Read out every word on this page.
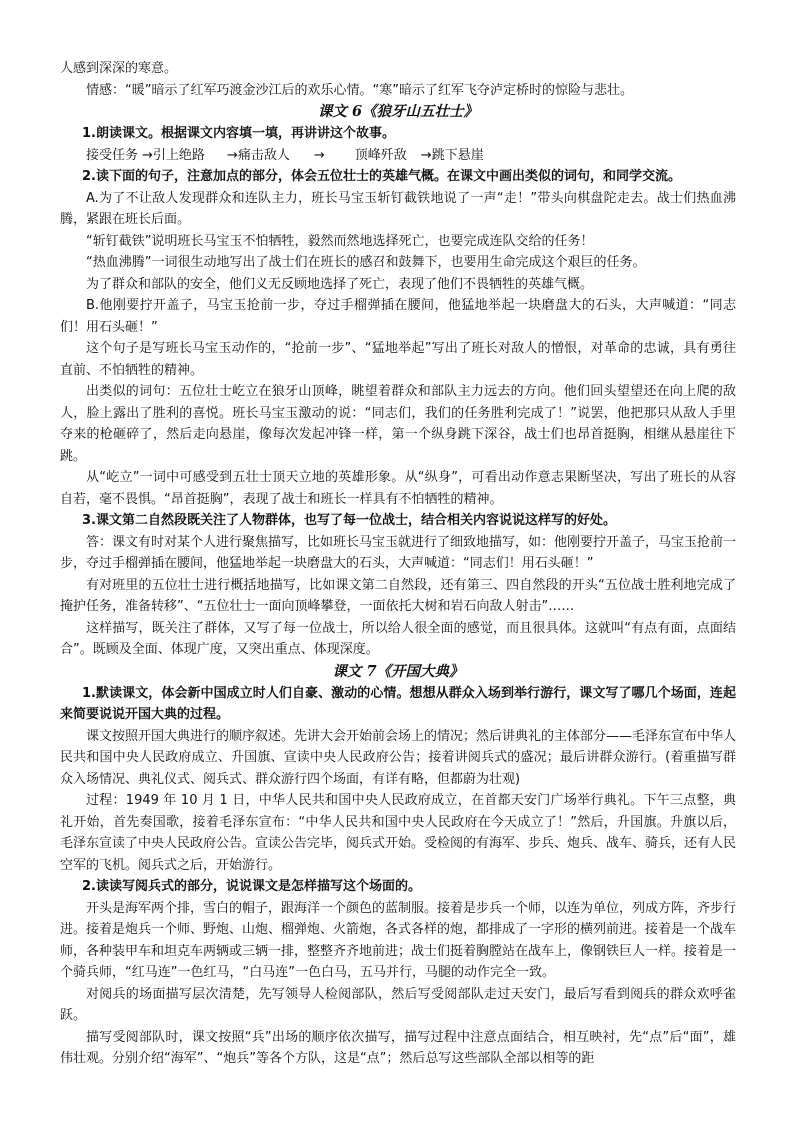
人感到深深的寒意。

情感：“暖”暗示了红军巧渡金沙江后的欢乐心情。“寒”暗示了红军飞夺泸定桥时的惊险与悲壮。

课文 6《狼牙山五壮士》

1.朗读课文。根据课文内容填一填，再讲讲这个故事。

接受任务 →引上绝路 →痛击敌人 → 顶峰歼敌 →跳下悬崖

2.读下面的句子，注意加点的部分，体会五位壮士的英雄气概。在课文中画出类似的词句，和同学交流。

A.为了不让敌人发现群众和连队主力，班长马宝玉斩钉截铁地说了一声“走！”带头向棋盘陀走去。战士们热血沸腾，紧跟在班长后面。

“斩钉截铁”说明班长马宝玉不怕牺牲，毅然而然地选择死亡，也要完成连队交给的任务！

“热血沸腾”一词很生动地写出了战士们在班长的感召和鼓舞下，也要用生命完成这个艰巨的任务。

为了群众和部队的安全，他们义无反顾地选择了死亡，表现了他们不畏牺牲的英雄气概。

B.他刚要拧开盖子，马宝玉抢前一步，夺过手榴弹插在腰间，他猛地举起一块磨盘大的石头，大声喊道：“同志们！用石头砸！”

这个句子是写班长马宝玉动作的，“抢前一步”、“猛地举起”写出了班长对敌人的憎恨，对革命的忠诚，具有勇往直前、不怕牺牲的精神。

出类似的词句：五位壮士屹立在狼牙山顶峰，眺望着群众和部队主力远去的方向。他们回头望望还在向上爬的敌人，脸上露出了胜利的喜悦。班长马宝玉激动的说：“同志们，我们的任务胜利完成了！”说罢，他把那只从敌人手里夺来的枪砸碎了，然后走向悬崖，像每次发起冲锋一样，第一个纵身跳下深谷，战士们也昂首挺胸，相继从悬崖往下跳。

从“屹立”一词中可感受到五壮士顶天立地的英雄形象。从“纵身”，可看出动作意志果断坚决，写出了班长的从容自若，毫不畏惧。“昂首挺胸”，表现了战士和班长一样具有不怕牺牲的精神。

3.课文第二自然段既关注了人物群体，也写了每一位战士，结合相关内容说说这样写的好处。

答：课文有时对某个人进行聚焦描写，比如班长马宝玉就进行了细致地描写，如：他刚要拧开盖子，马宝玉抢前一步，夺过手榴弹插在腰间，他猛地举起一块磨盘大的石头，大声喊道：“同志们！用石头砸！”

有对班里的五位壮士进行概括地描写，比如课文第二自然段，还有第三、四自然段的开头“五位战士胜利地完成了掩护任务，准备转移”、“五位壮士一面向顶峰攀登，一面依托大树和岩石向敌人射击”……

这样描写，既关注了群体，又写了每一位战士，所以给人很全面的感觉，而且很具体。这就叫“有点有面，点面结合”。既顾及全面、体现广度，又突出重点、体现深度。

课文 7《开国大典》

1.默读课文，体会新中国成立时人们自豪、激动的心情。想想从群众入场到举行游行，课文写了哪几个场面，连起来简要说说开国大典的过程。

课文按照开国大典进行的顺序叙述。先讲大会开始前会场上的情况；然后讲典礼的主体部分——毛泽东宣布中华人民共和国中央人民政府成立、升国旗、宣读中央人民政府公告；接着讲阅兵式的盛况；最后讲群众游行。(着重描写群众入场情况、典礼仪式、阅兵式、群众游行四个场面，有详有略，但都蔚为壮观)

过程：1949 年 10 月 1 日，中华人民共和国中央人民政府成立，在首都天安门广场举行典礼。下午三点整，典礼开始，首先奏国歌，接着毛泽东宣布：“中华人民共和国中央人民政府在今天成立了！”然后，升国旗。升旗以后，毛泽东宣读了中央人民政府公告。宣读公告完毕，阅兵式开始。受检阅的有海军、步兵、炮兵、战车、骑兵，还有人民空军的飞机。阅兵式之后，开始游行。

2.读读写阅兵式的部分，说说课文是怎样描写这个场面的。

开头是海军两个排，雪白的帽子，跟海洋一个颜色的蓝制服。接着是步兵一个师，以连为单位，列成方阵，齐步行进。接着是炮兵一个师、野炮、山炮、榴弹炮、火箭炮，各式各样的炮，都排成了一字形的横列前进。接着是一个战车师，各种装甲车和坦克车两辆或三辆一排，整整齐齐地前进；战士们挺着胸膛站在战车上，像钢铁巨人一样。接着是一个骑兵师，“红马连”一色红马，“白马连”一色白马，五马并行，马腿的动作完全一致。

对阅兵的场面描写层次清楚，先写领导人检阅部队，然后写受阅部队走过天安门，最后写看到阅兵的群众欢呼雀跃。

描写受阅部队时，课文按照“兵”出场的顺序依次描写，描写过程中注意点面结合，相互映衬，先“点”后“面”，雄伟壮观。分别介绍“海军”、“炮兵”等各个方队，这是“点”；然后总写这些部队全部以相等的距
